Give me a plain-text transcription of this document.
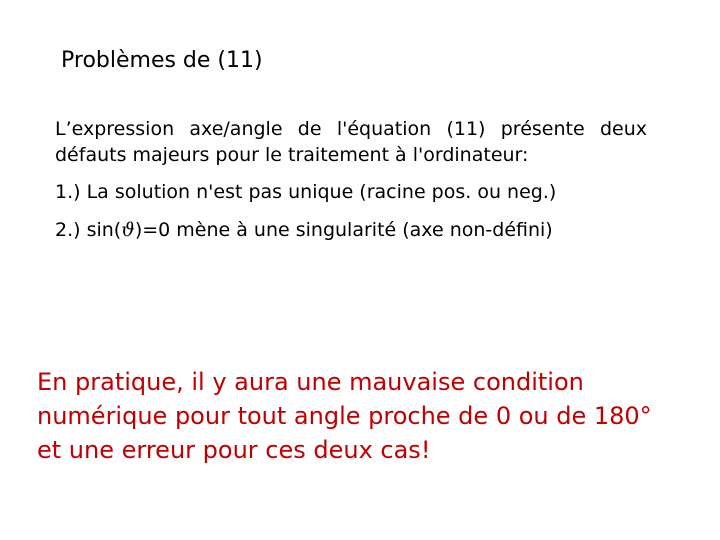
Problèmes de (11)

L’expression axe/angle de l'équation (11) présente deux défauts majeurs pour le traitement à l'ordinateur:

1.) La solution n'est pas unique (racine pos. ou neg.)

2.) sin(ϑ)=0 mène à une singularité (axe non-défini)

En pratique, il y aura une mauvaise condition
numérique pour tout angle proche de 0 ou de 180°
et une erreur pour ces deux cas!
